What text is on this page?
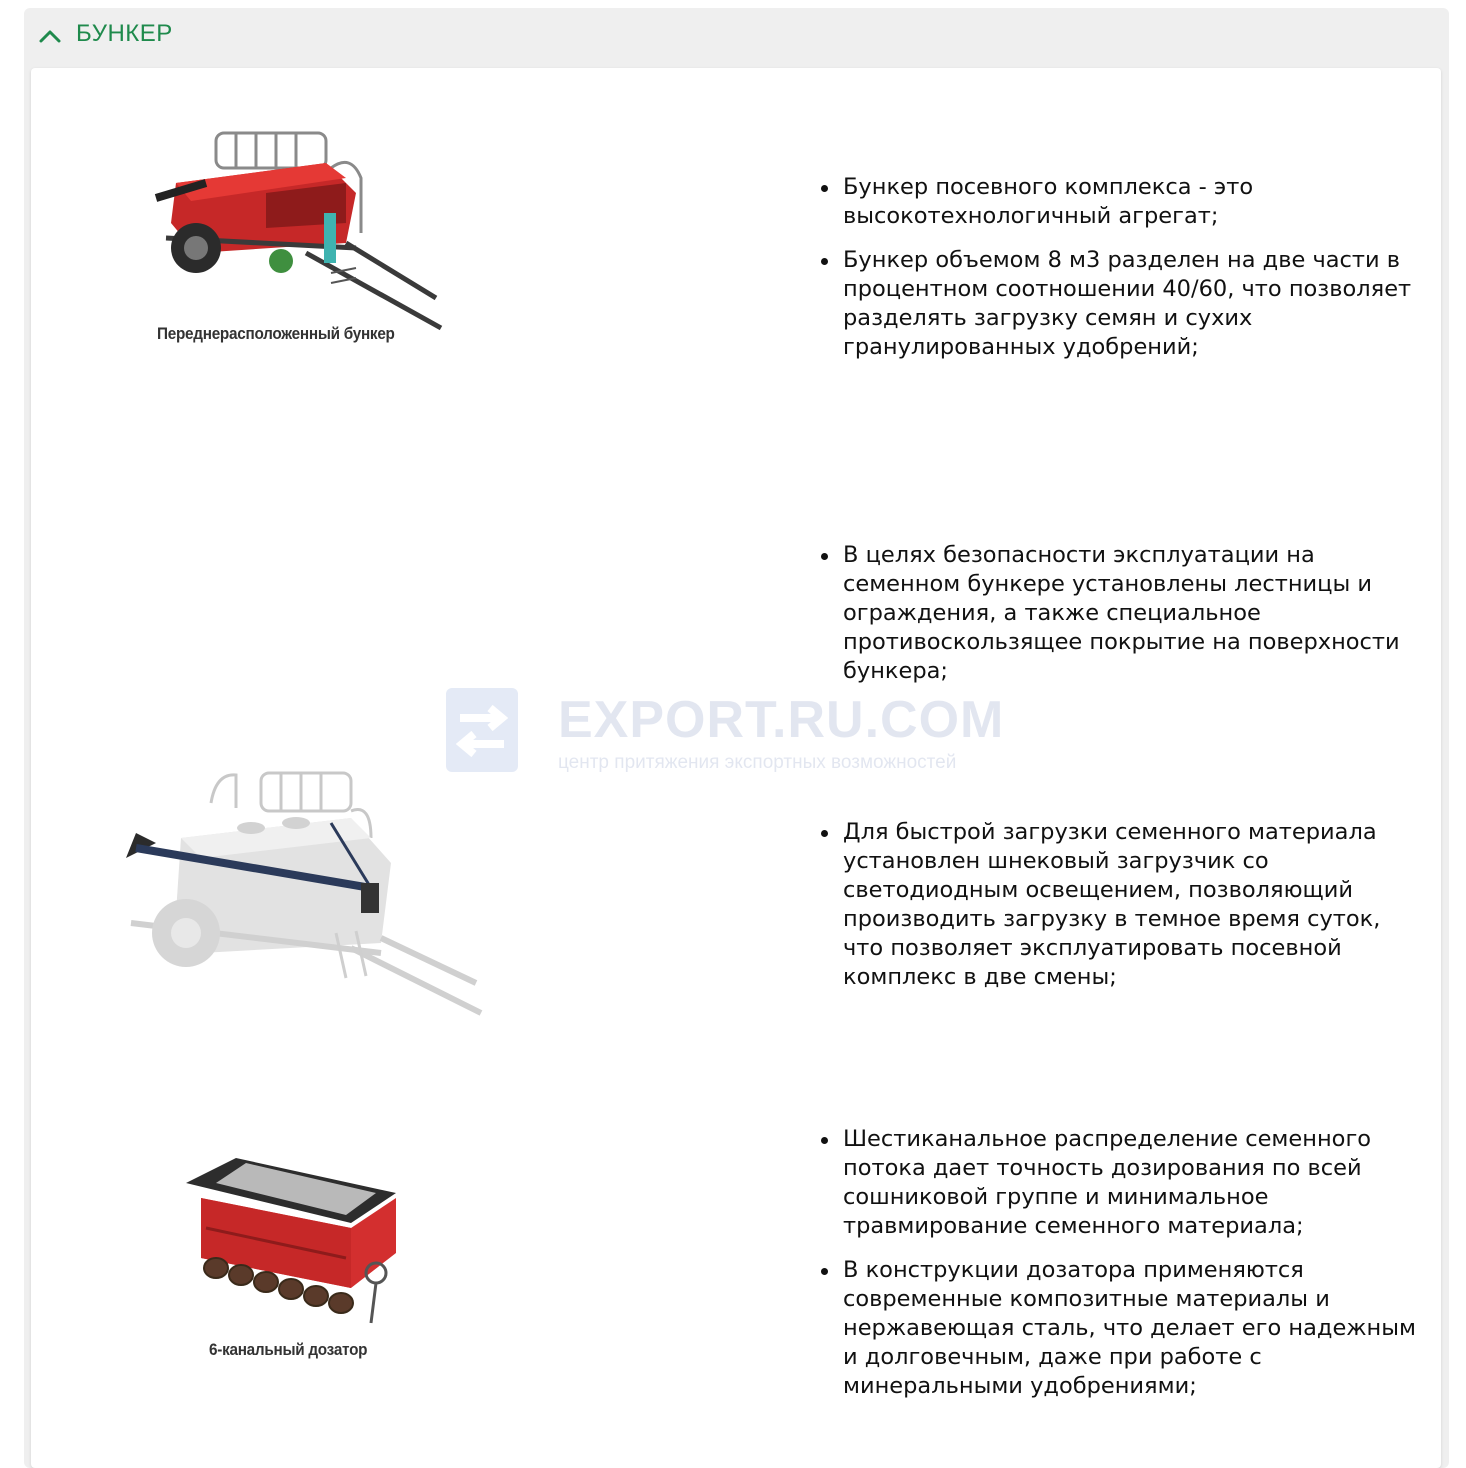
БУНКЕР
Переднерасположенный бункер
Бункер посевного комплекса - это высокотехнологичный агрегат;
Бункер объемом 8 м3 разделен на две части в процентном соотношении 40/60, что позволяет разделять загрузку семян и сухих гранулированных удобрений;
В целях безопасности эксплуатации на семенном бункере установлены лестницы и ограждения, а также специальное противоскользящее покрытие на поверхности бункера;
EXPORT.RU.COM
центр притяжения экспортных возможностей
Для быстрой загрузки семенного материала установлен шнековый загрузчик со светодиодным освещением, позволяющий производить загрузку в темное время суток, что позволяет эксплуатировать посевной комплекс в две смены;
6-канальный дозатор
Шестиканальное распределение семенного потока дает точность дозирования по всей сошниковой группе и минимальное травмирование семенного материала;
В конструкции дозатора применяются современные композитные материалы и нержавеющая сталь, что делает его надежным и долговечным, даже при работе с минеральными удобрениями;
